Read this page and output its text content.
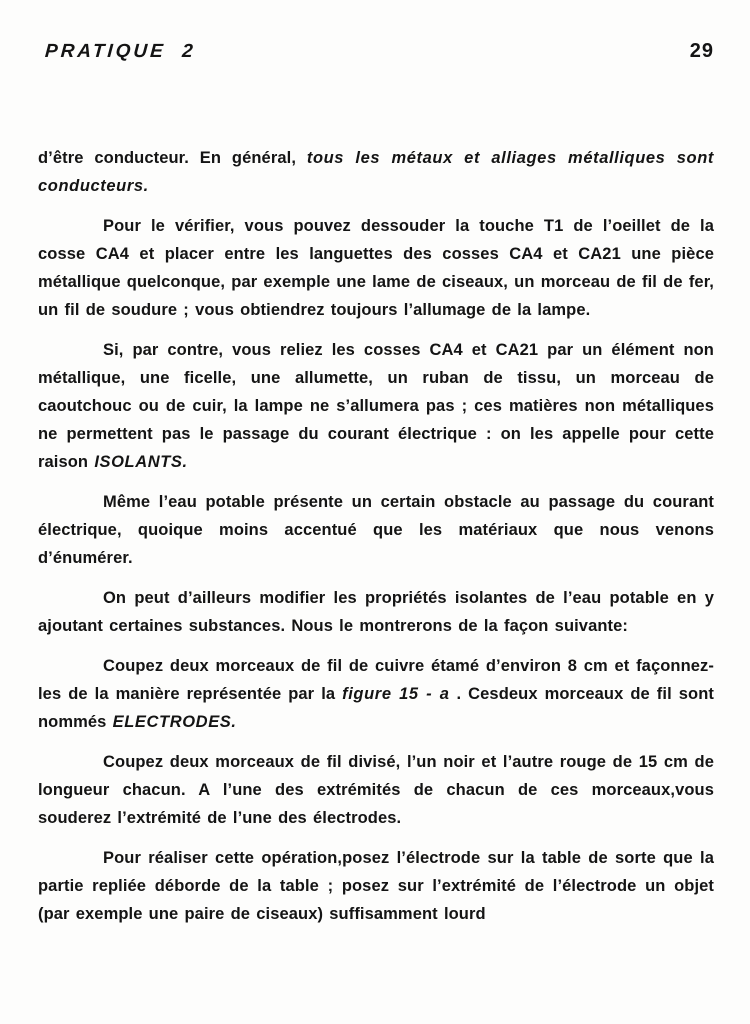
PRATIQUE 2	29

d’être conducteur. En général, tous les métaux et alliages métalliques sont conducteurs.

Pour le vérifier, vous pouvez dessouder la touche T1 de l’oeillet de la cosse CA4 et placer entre les languettes des cosses CA4 et CA21 une pièce métallique quelconque, par exemple une lame de ciseaux, un morceau de fil de fer, un fil de soudure ; vous obtiendrez toujours l’allumage de la lampe.

Si, par contre, vous reliez les cosses CA4 et CA21 par un élément non métallique, une ficelle, une allumette, un ruban de tissu, un morceau de caoutchouc ou de cuir, la lampe ne s’allumera pas ; ces matières non métalliques ne permettent pas le passage du courant électrique : on les appelle pour cette raison ISOLANTS.

Même l’eau potable présente un certain obstacle au passage du courant électrique, quoique moins accentué que les matériaux que nous venons d’énumérer.

On peut d’ailleurs modifier les propriétés isolantes de l’eau potable en y ajoutant certaines substances. Nous le montrerons de la façon suivante:

Coupez deux morceaux de fil de cuivre étamé d’environ 8 cm et façonnez-les de la manière représentée par la figure 15 - a . Cesdeux morceaux de fil sont nommés ELECTRODES.

Coupez deux morceaux de fil divisé, l’un noir et l’autre rouge de 15 cm de longueur chacun. A l’une des extrémités de chacun de ces morceaux,vous souderez l’extrémité de l’une des électrodes.

Pour réaliser cette opération,posez l’électrode sur la table de sorte que la partie repliée déborde de la table ; posez sur l’extrémité de l’électrode un objet (par exemple une paire de ciseaux) suffisamment lourd
